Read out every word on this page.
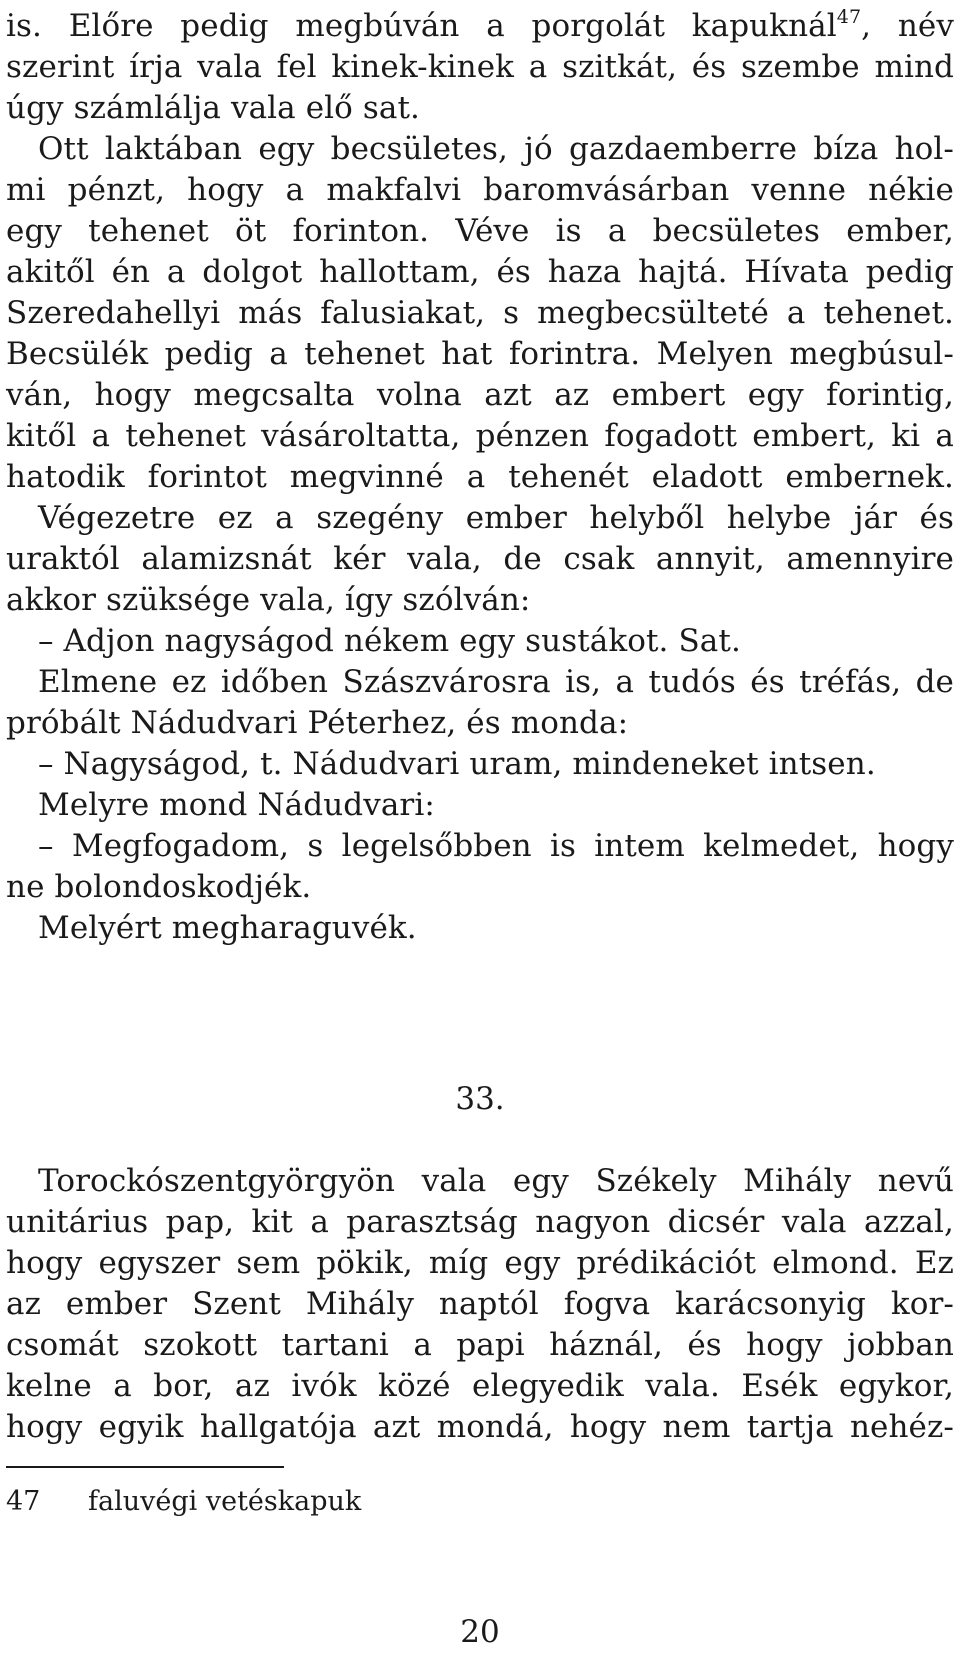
is. Előre pedig megbúván a porgolát kapuknál$^{47}$, név
szerint írja vala fel kinek-kinek a szitkát, és szembe mind
úgy számlálja vala elő sat.
Ott laktában egy becsületes, jó gazdaemberre bíza hol-
mi pénzt, hogy a makfalvi baromvásárban venne nékie
egy tehenet öt forinton. Véve is a becsületes ember,
akitől én a dolgot hallottam, és haza hajtá. Hívata pedig
Szeredahellyi más falusiakat, s megbecsülteté a tehenet.
Becsülék pedig a tehenet hat forintra. Melyen megbúsul-
ván, hogy megcsalta volna azt az embert egy forintig,
kitől a tehenet vásároltatta, pénzen fogadott embert, ki a
hatodik forintot megvinné a tehenét eladott embernek.
Végezetre ez a szegény ember helyből helybe jár és
uraktól alamizsnát kér vala, de csak annyit, amennyire
akkor szüksége vala, így szólván:
– Adjon nagyságod nékem egy sustákot. Sat.
Elmene ez időben Szászvárosra is, a tudós és tréfás, de
próbált Nádudvari Péterhez, és monda:
– Nagyságod, t. Nádudvari uram, mindeneket intsen.
Melyre mond Nádudvari:
– Megfogadom, s legelsőbben is intem kelmedet, hogy
ne bolondoskodjék.
Melyért megharaguvék.
33.
Torockószentgyörgyön vala egy Székely Mihály nevű
unitárius pap, kit a parasztság nagyon dicsér vala azzal,
hogy egyszer sem pökik, míg egy prédikációt elmond. Ez
az ember Szent Mihály naptól fogva karácsonyig kor-
csomát szokott tartani a papi háznál, és hogy jobban
kelne a bor, az ivók közé elegyedik vala. Esék egykor,
hogy egyik hallgatója azt mondá, hogy nem tartja nehéz-
47 faluvégi vetéskapuk
20
